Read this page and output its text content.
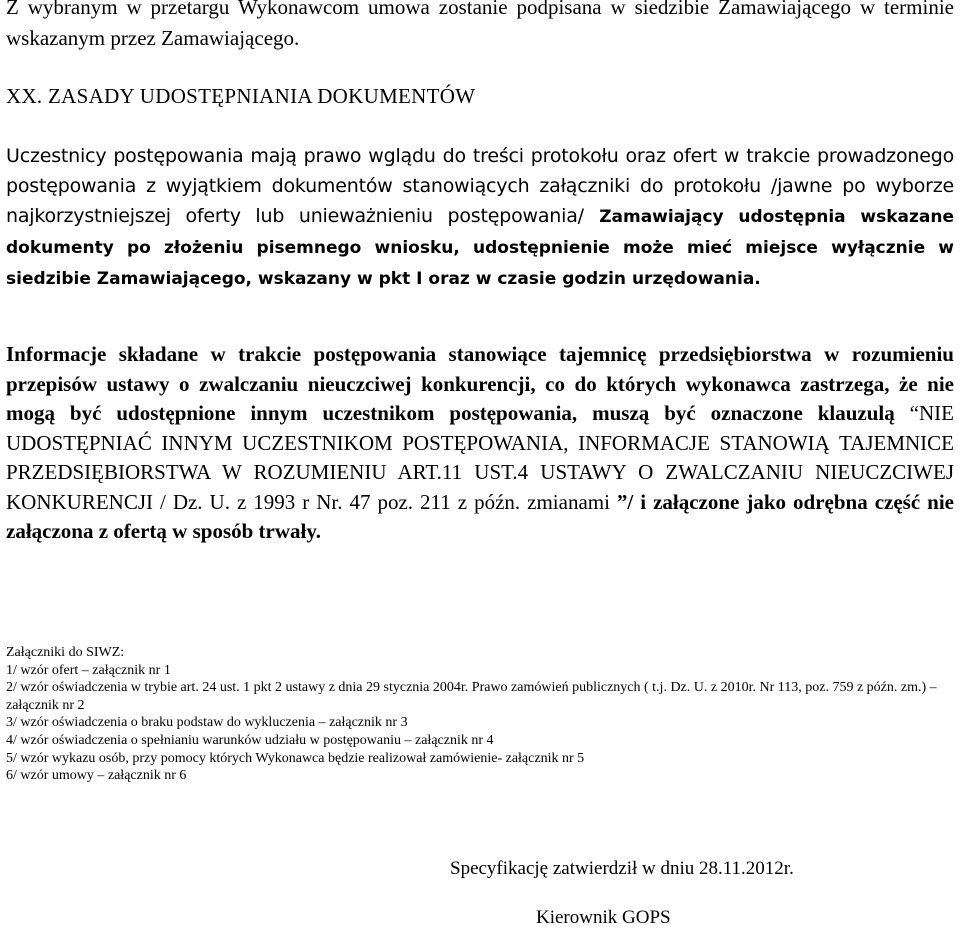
Z wybranym w przetargu Wykonawcom umowa zostanie podpisana w siedzibie Zamawiającego w terminie wskazanym przez Zamawiającego.

XX. ZASADY UDOSTĘPNIANIA DOKUMENTÓW

Uczestnicy postępowania mają prawo wglądu do treści protokołu oraz ofert w trakcie prowadzonego postępowania z wyjątkiem dokumentów stanowiących załączniki do protokołu /jawne po wyborze najkorzystniejszej oferty lub unieważnieniu postępowania/ Zamawiający udostępnia wskazane dokumenty po złożeniu pisemnego wniosku, udostępnienie może mieć miejsce wyłącznie w siedzibie Zamawiającego, wskazany w pkt I oraz w czasie godzin urzędowania.

Informacje składane w trakcie postępowania stanowiące tajemnicę przedsiębiorstwa w rozumieniu przepisów ustawy o zwalczaniu nieuczciwej konkurencji, co do których wykonawca zastrzega, że nie mogą być udostępnione innym uczestnikom postępowania, muszą być oznaczone klauzulą “NIE UDOSTĘPNIAĆ INNYM UCZESTNIKOM POSTĘPOWANIA, INFORMACJE STANOWIĄ TAJEMNICE PRZEDSIĘBIORSTWA W ROZUMIENIU ART.11 UST.4 USTAWY O ZWALCZANIU NIEUCZCIWEJ KONKURENCJI / Dz. U. z 1993 r Nr. 47 poz. 211 z późn. zmianami ”/ i załączone jako odrębna część nie załączona z ofertą w sposób trwały.

Załączniki do SIWZ:
1/ wzór ofert – załącznik nr 1
2/ wzór oświadczenia w trybie art. 24 ust. 1 pkt 2 ustawy z dnia 29 stycznia 2004r. Prawo zamówień publicznych ( t.j. Dz. U. z 2010r. Nr 113, poz. 759 z późn. zm.) – załącznik nr 2
3/ wzór oświadczenia o braku podstaw do wykluczenia – załącznik nr 3
4/ wzór oświadczenia o spełnianiu warunków udziału w postępowaniu – załącznik nr 4
5/ wzór wykazu osób, przy pomocy których Wykonawca będzie realizował zamówienie- załącznik nr 5
6/ wzór umowy – załącznik nr 6
Specyfikację zatwierdził w dniu 28.11.2012r.
Kierownik GOPS
